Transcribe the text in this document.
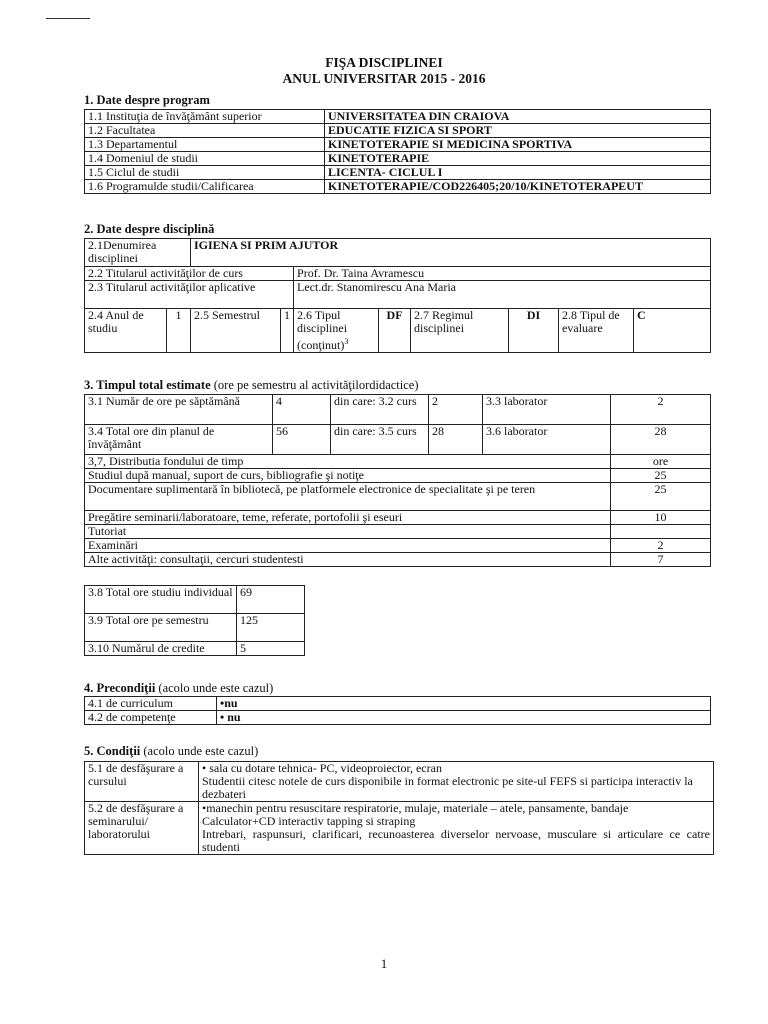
FIŞA DISCIPLINEI
ANUL UNIVERSITAR 2015 - 2016
1. Date despre program
1.1 Instituţia de învăţământ superior	UNIVERSITATEA DIN CRAIOVA
1.2 Facultatea	EDUCATIE FIZICA SI SPORT
1.3 Departamentul	KINETOTERAPIE SI MEDICINA SPORTIVA
1.4 Domeniul de studii	KINETOTERAPIE
1.5 Ciclul de studii	LICENTA- CICLUL I
1.6 Programulde studii/Calificarea	KINETOTERAPIE/COD226405;20/10/KINETOTERAPEUT
2. Date despre disciplină
2.1Denumirea disciplinei		IGIENA SI PRIM AJUTOR							
2.2 Titularul activităţilor de curs				Prof. Dr. Taina Avramescu					
2.3 Titularul activităţilor aplicative				Lect.dr. Stanomirescu Ana Maria					
2.4 Anul de studiu	1	2.5 Semestrul	1	2.6 Tipul disciplinei (conţinut)$^3$	DF	2.7 Regimul disciplinei	DI	2.8 Tipul de evaluare	C
3. Timpul total estimate (ore pe semestru al activităţilordidactice)
3.1 Număr de ore pe săptămână	4	din care: 3.2 curs	2	3.3 laborator	2
3.4 Total ore din planul de învăţământ	56	din care: 3.5 curs	28	3.6 laborator	28
3,7, Distributia fondului de timp					ore
Studiul după manual, suport de curs, bibliografie şi notiţe					25
Documentare suplimentară în bibliotecă, pe platformele electronice de specialitate şi pe teren					25
Pregătire seminarii/laboratoare, teme, referate, portofolii şi eseuri					10
Tutoriat					
Examinări					2
Alte activităţi: consultaţii, cercuri studentesti					7
3.8 Total ore studiu individual	69
3.9 Total ore pe semestru	125
3.10 Numărul de credite	5
4. Precondiţii (acolo unde este cazul)
4.1 de curriculum	•nu
4.2 de competenţe	• nu
5. Condiţii (acolo unde este cazul)
5.1 de desfăşurare a cursului	• sala cu dotare tehnica- PC, videoproiector, ecran
Studentii citesc notele de curs disponibile in format electronic pe site-ul FEFS si participa interactiv la dezbateri

5.2 de desfăşurare a seminarului/ laboratorului	•manechin pentru resuscitare respiratorie, mulaje, materiale – atele, pansamente, bandaje
Calculator+CD interactiv tapping si straping
Intrebari, raspunsuri, clarificari, recunoasterea diverselor nervoase, musculare si articulare ce catre studenti
1
